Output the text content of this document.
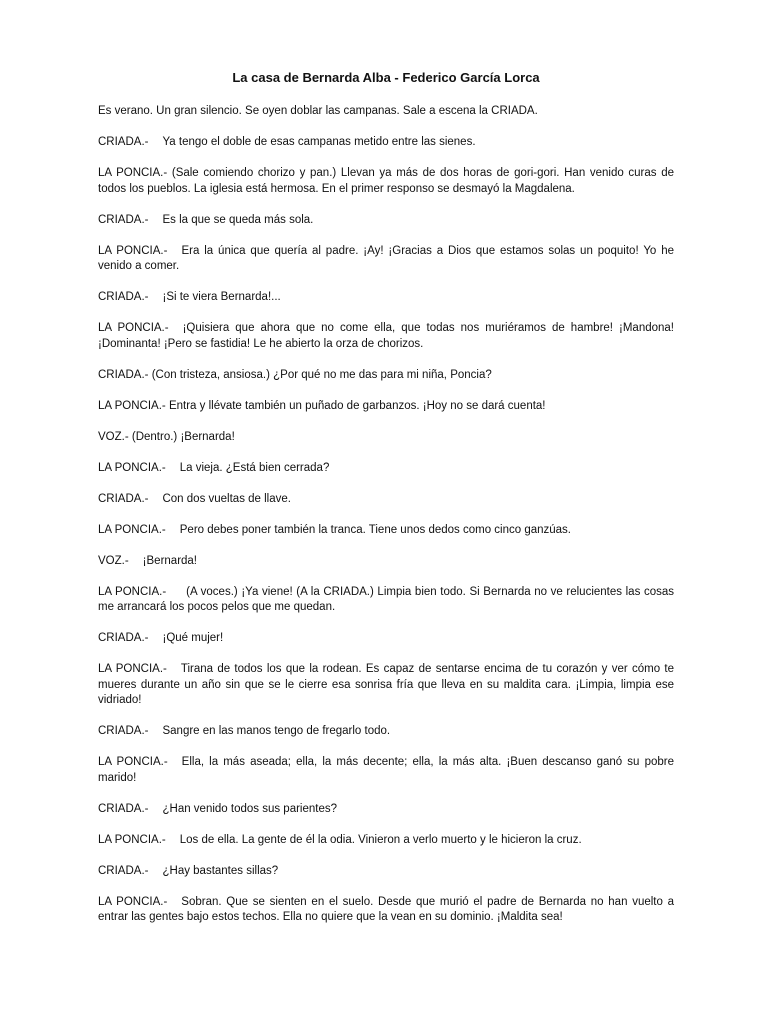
La casa de Bernarda Alba - Federico García Lorca
Es verano. Un gran silencio. Se oyen doblar las campanas. Sale a escena la CRIADA.
CRIADA.- Ya tengo el doble de esas campanas metido entre las sienes.
LA PONCIA.- (Sale comiendo chorizo y pan.) Llevan ya más de dos horas de gori-gori. Han venido curas de todos los pueblos. La iglesia está hermosa. En el primer responso se desmayó la Magdalena.
CRIADA.- Es la que se queda más sola.
LA PONCIA.- Era la única que quería al padre. ¡Ay! ¡Gracias a Dios que estamos solas un poquito! Yo he venido a comer.
CRIADA.- ¡Si te viera Bernarda!...
LA PONCIA.- ¡Quisiera que ahora que no come ella, que todas nos muriéramos de hambre! ¡Mandona! ¡Dominanta! ¡Pero se fastidia! Le he abierto la orza de chorizos.
CRIADA.- (Con tristeza, ansiosa.) ¿Por qué no me das para mi niña, Poncia?
LA PONCIA.- Entra y llévate también un puñado de garbanzos. ¡Hoy no se dará cuenta!
VOZ.- (Dentro.) ¡Bernarda!
LA PONCIA.- La vieja. ¿Está bien cerrada?
CRIADA.- Con dos vueltas de llave.
LA PONCIA.- Pero debes poner también la tranca. Tiene unos dedos como cinco ganzúas.
VOZ.- ¡Bernarda!
LA PONCIA.- (A voces.) ¡Ya viene! (A la CRIADA.) Limpia bien todo. Si Bernarda no ve relucientes las cosas me arrancará los pocos pelos que me quedan.
CRIADA.- ¡Qué mujer!
LA PONCIA.- Tirana de todos los que la rodean. Es capaz de sentarse encima de tu corazón y ver cómo te mueres durante un año sin que se le cierre esa sonrisa fría que lleva en su maldita cara. ¡Limpia, limpia ese vidriado!
CRIADA.- Sangre en las manos tengo de fregarlo todo.
LA PONCIA.- Ella, la más aseada; ella, la más decente; ella, la más alta. ¡Buen descanso ganó su pobre marido!
CRIADA.- ¿Han venido todos sus parientes?
LA PONCIA.- Los de ella. La gente de él la odia. Vinieron a verlo muerto y le hicieron la cruz.
CRIADA.- ¿Hay bastantes sillas?
LA PONCIA.- Sobran. Que se sienten en el suelo. Desde que murió el padre de Bernarda no han vuelto a entrar las gentes bajo estos techos. Ella no quiere que la vean en su dominio. ¡Maldita sea!
